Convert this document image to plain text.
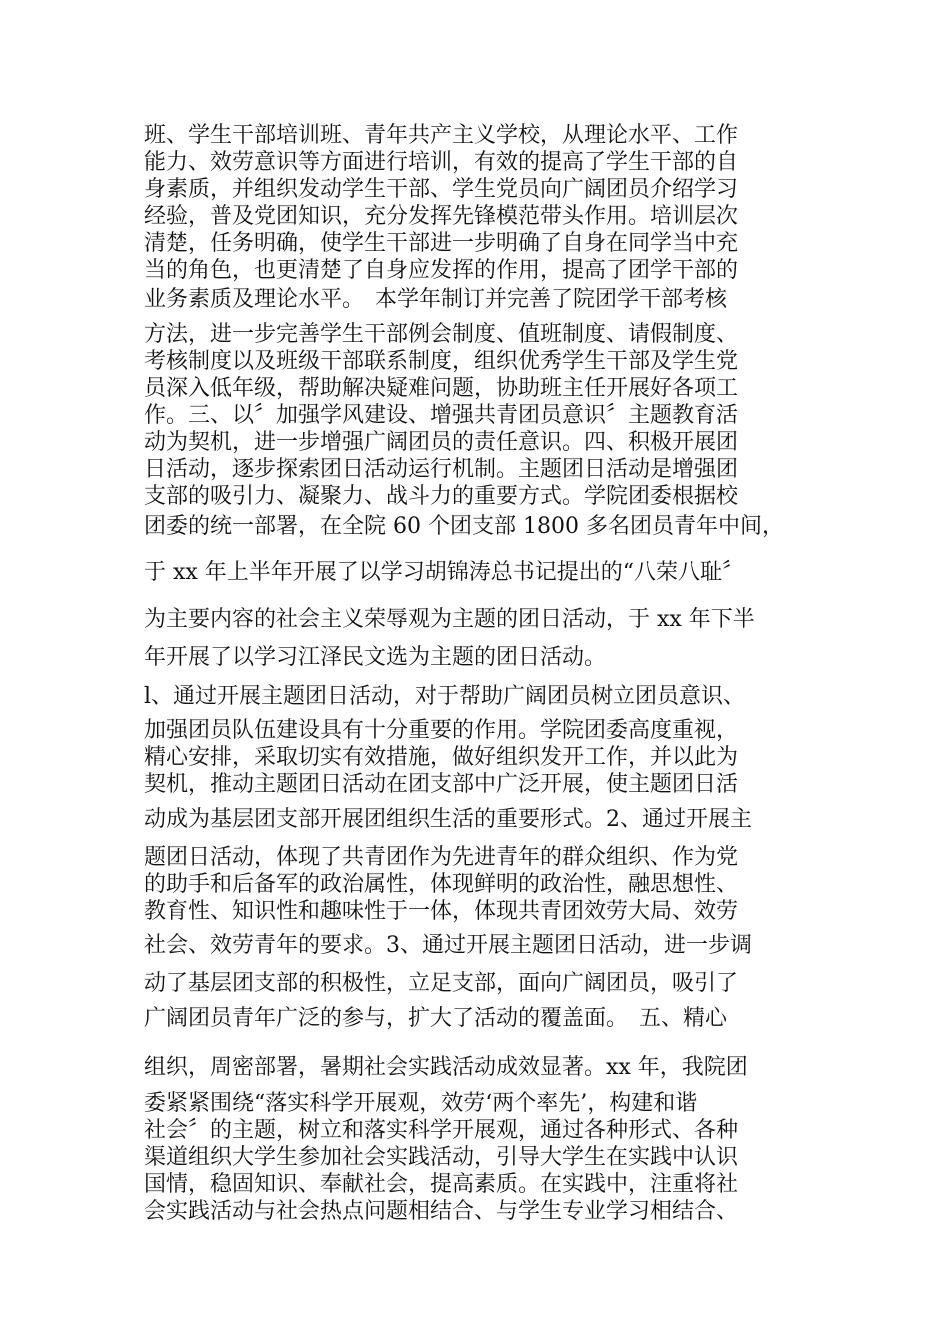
班、学生干部培训班、青年共产主义学校，从理论水平、工作
能力、效劳意识等方面进行培训，有效的提高了学生干部的自
身素质，并组织发动学生干部、学生党员向广阔团员介绍学习
经验，普及党团知识，充分发挥先锋模范带头作用。培训层次
清楚，任务明确，使学生干部进一步明确了自身在同学当中充
当的角色，也更清楚了自身应发挥的作用，提高了团学干部的
业务素质及理论水平。　本学年制订并完善了院团学干部考核
方法，进一步完善学生干部例会制度、值班制度、请假制度、
考核制度以及班级干部联系制度，组织优秀学生干部及学生党
员深入低年级，帮助解决疑难问题，协助班主任开展好各项工
作。三、以〞加强学风建设、增强共青团员意识〞主题教育活
动为契机，进一步增强广阔团员的责任意识。四、积极开展团
日活动，逐步探索团日活动运行机制。主题团日活动是增强团
支部的吸引力、凝聚力、战斗力的重要方式。学院团委根据校
团委的统一部署，在全院 60 个团支部 1800 多名团员青年中间，
于 xx 年上半年开展了以学习胡锦涛总书记提出的“八荣八耻〞
为主要内容的社会主义荣辱观为主题的团日活动，于 xx 年下半
年开展了以学习江泽民文选为主题的团日活动。
l、通过开展主题团日活动，对于帮助广阔团员树立团员意识、
加强团员队伍建设具有十分重要的作用。学院团委高度重视，
精心安排，采取切实有效措施，做好组织发开工作，并以此为
契机，推动主题团日活动在团支部中广泛开展，使主题团日活
动成为基层团支部开展团组织生活的重要形式。2、通过开展主
题团日活动，体现了共青团作为先进青年的群众组织、作为党
的助手和后备军的政治属性，体现鲜明的政治性，融思想性、
教育性、知识性和趣味性于一体，体现共青团效劳大局、效劳
社会、效劳青年的要求。3、通过开展主题团日活动，进一步调
动了基层团支部的积极性，立足支部，面向广阔团员，吸引了
广阔团员青年广泛的参与，扩大了活动的覆盖面。　五、精心
组织，周密部署，暑期社会实践活动成效显著。xx 年，我院团
委紧紧围绕“落实科学开展观，效劳‘两个率先’，构建和谐
社会〞的主题，树立和落实科学开展观，通过各种形式、各种
渠道组织大学生参加社会实践活动，引导大学生在实践中认识
国情，稳固知识、奉献社会，提高素质。在实践中，注重将社
会实践活动与社会热点问题相结合、与学生专业学习相结合、
